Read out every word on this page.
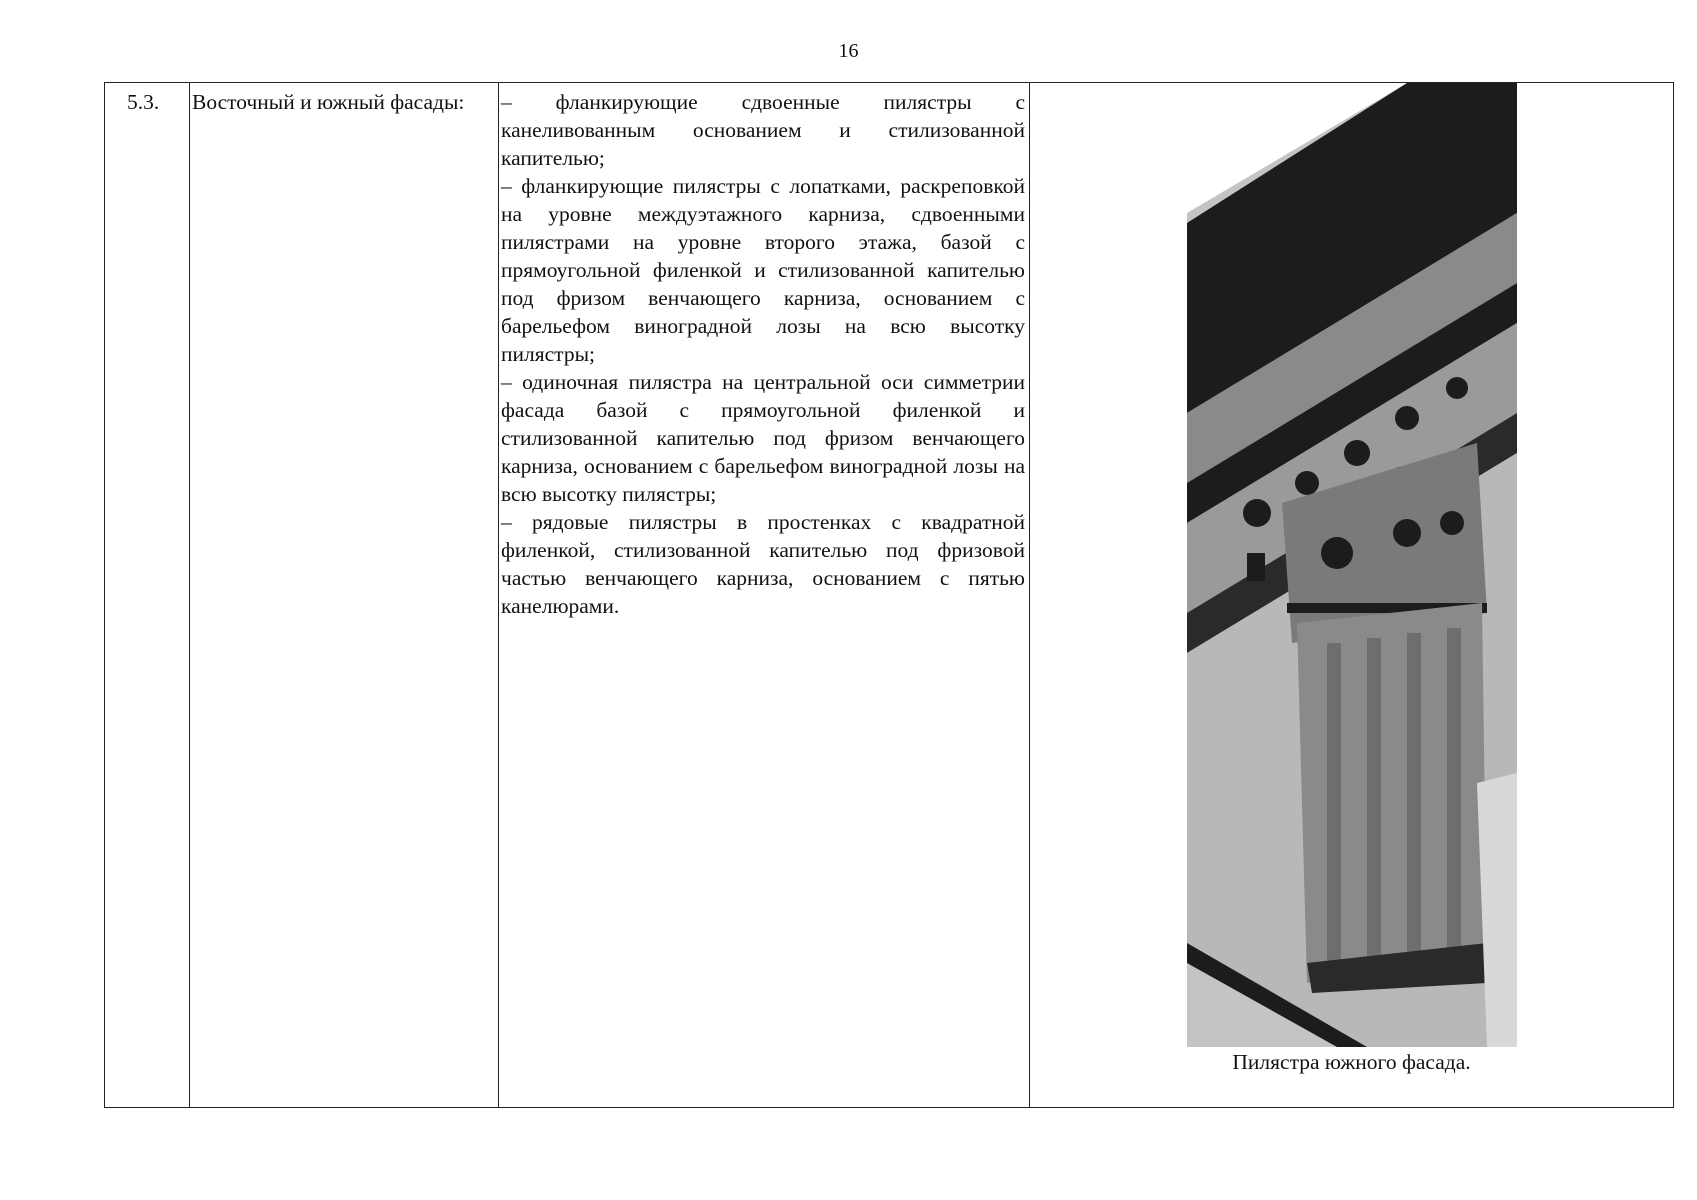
16
5.3.	Восточный и южный фасады:	– фланкирующие сдвоенные пилястры с канеливованным основанием и стилизованной капителью;

– фланкирующие пилястры с лопатками, раскреповкой на уровне междуэтажного карниза, сдвоенными пилястрами на уровне второго этажа, базой с прямоугольной филенкой и стилизованной капителью под фризом венчающего карниза, основанием с барельефом виноградной лозы на всю высотку пилястры;

– одиночная пилястра на центральной оси симметрии фасада базой с прямоугольной филенкой и стилизованной капителью под фризом венчающего карниза, основанием с барельефом виноградной лозы на всю высотку пилястры;

– рядовые пилястры в простенках с квадратной филенкой, стилизованной капителью под фризовой частью венчающего карниза, основанием с пятью канелюрами.

Пилястра южного фасада.
